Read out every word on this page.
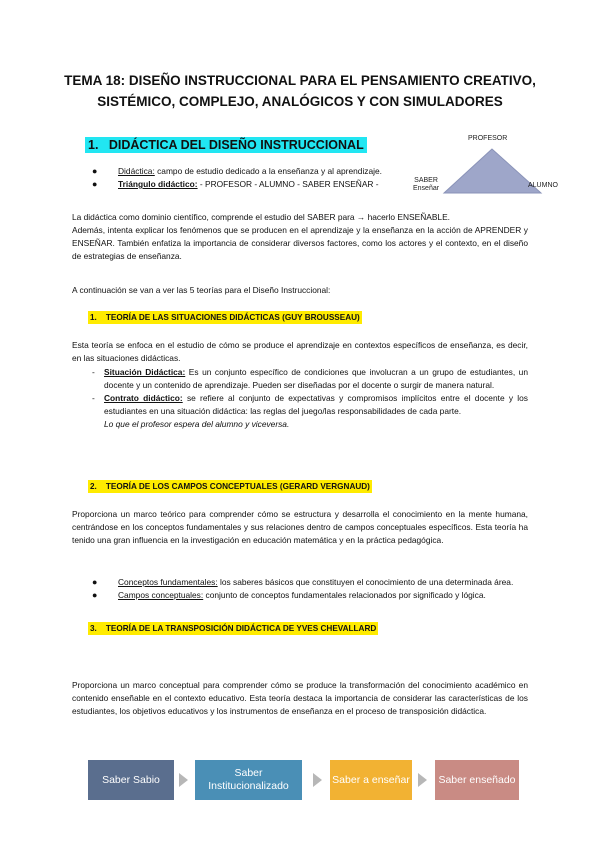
TEMA 18: DISEÑO INSTRUCCIONAL PARA EL PENSAMIENTO CREATIVO,
SISTÉMICO, COMPLEJO, ANALÓGICOS Y CON SIMULADORES
1.   DIDÁCTICA DEL DISEÑO INSTRUCCIONAL	PROFESOR
SABER
Enseñar	ALUMNO
●	Didáctica: campo de estudio dedicado a la enseñanza y al aprendizaje.
●	Triángulo didáctico: - PROFESOR - ALUMNO - SABER ENSEÑAR -

La didáctica como dominio científico, comprende el estudio del SABER para → hacerlo ENSEÑABLE.

Además, intenta explicar los fenómenos que se producen en el aprendizaje y la enseñanza en la acción de APRENDER y ENSEÑAR. También enfatiza la importancia de considerar diversos factores, como los actores y el contexto, en el diseño de estrategias de enseñanza.

A continuación se van a ver las 5 teorías para el Diseño Instruccional:
1.    TEORÍA DE LAS SITUACIONES DIDÁCTICAS (GUY BROUSSEAU)
Esta teoría se enfoca en el estudio de cómo se produce el aprendizaje en contextos específicos de enseñanza, es decir, en las situaciones didácticas.
-	Situación Didáctica: Es un conjunto específico de condiciones que involucran a un grupo de estudiantes, un docente y un contenido de aprendizaje. Pueden ser diseñadas por el docente o surgir de manera natural.
-	Contrato didáctico: se refiere al conjunto de expectativas y compromisos implícitos entre el docente y los estudiantes en una situación didáctica: las reglas del juego/las responsabilidades de cada parte.
Lo que el profesor espera del alumno y viceversa.
2.    TEORÍA DE LOS CAMPOS CONCEPTUALES (GERARD VERGNAUD)
Proporciona un marco teórico para comprender cómo se estructura y desarrolla el conocimiento en la mente humana, centrándose en los conceptos fundamentales y sus relaciones dentro de campos conceptuales específicos. Esta teoría ha tenido una gran influencia en la investigación en educación matemática y en la práctica pedagógica.
●	Conceptos fundamentales: los saberes básicos que constituyen el conocimiento de una determinada área.
●	Campos conceptuales: conjunto de conceptos fundamentales relacionados por significado y lógica.
3.    TEORÍA DE LA TRANSPOSICIÓN DIDÁCTICA DE YVES CHEVALLARD
Proporciona un marco conceptual para comprender cómo se produce la transformación del conocimiento académico en contenido enseñable en el contexto educativo. Esta teoría destaca la importancia de considerar las características de los estudiantes, los objetivos educativos y los instrumentos de enseñanza en el proceso de transposición didáctica.
Saber Sabio
Saber Institucionalizado
Saber a enseñar	Saber enseñado
